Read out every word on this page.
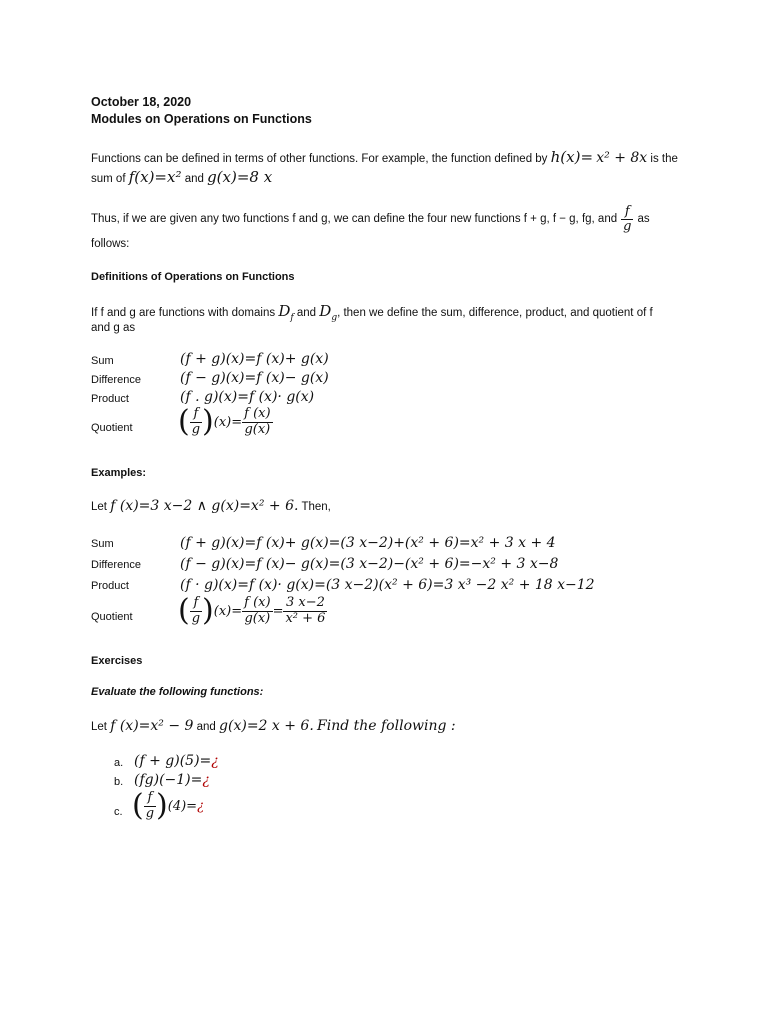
October 18, 2020
Modules on Operations on Functions
Functions can be defined in terms of other functions. For example, the function defined by h(x)= x² + 8x is the
sum of f(x)=x² and g(x)=8 x
Thus, if we are given any two functions f and g, we can define the four new functions f + g, f − g, fg, and $\frac{f}{g}$ as
follows:
Definitions of Operations on Functions
If f and g are functions with domains $D_f$ and $D_g$, then we define the sum, difference, product, and quotient of f
and g as
Sum	(f + g)(x)=f (x)+ g(x)
Difference	(f − g)(x)=f (x)− g(x)
Product	(f . g)(x)=f (x)· g(x)
Quotient ( $\frac{f}{g}$ ) $(x)= \frac{f (x)}{g(x)}$
Examples:
Let f (x)=3 x−2 ∧ g(x)=x² + 6. Then,
Sum	(f + g)(x)=f (x)+ g(x)=(3 x−2)+(x² + 6)=x² + 3 x + 4
Difference	(f − g)(x)=f (x)− g(x)=(3 x−2)−(x² + 6)=−x² + 3 x−8
Product	(f · g)(x)=f (x)· g(x)=(3 x−2)(x² + 6)=3 x³ −2 x² + 18 x−12
Quotient ( $\frac{f}{g}$ ) $(x)= \frac{f (x)}{g(x)} = \frac{3 x-2}{\text{x² + 6}}$
Exercises
Evaluate the following functions:
Let f (x)=x² − 9 and g(x)=2 x + 6. Find the following :
a. (f + g)(5)=¿
b. (fg)(−1)=¿
c. ( $\frac{f}{g}$ ) (4)= ¿
